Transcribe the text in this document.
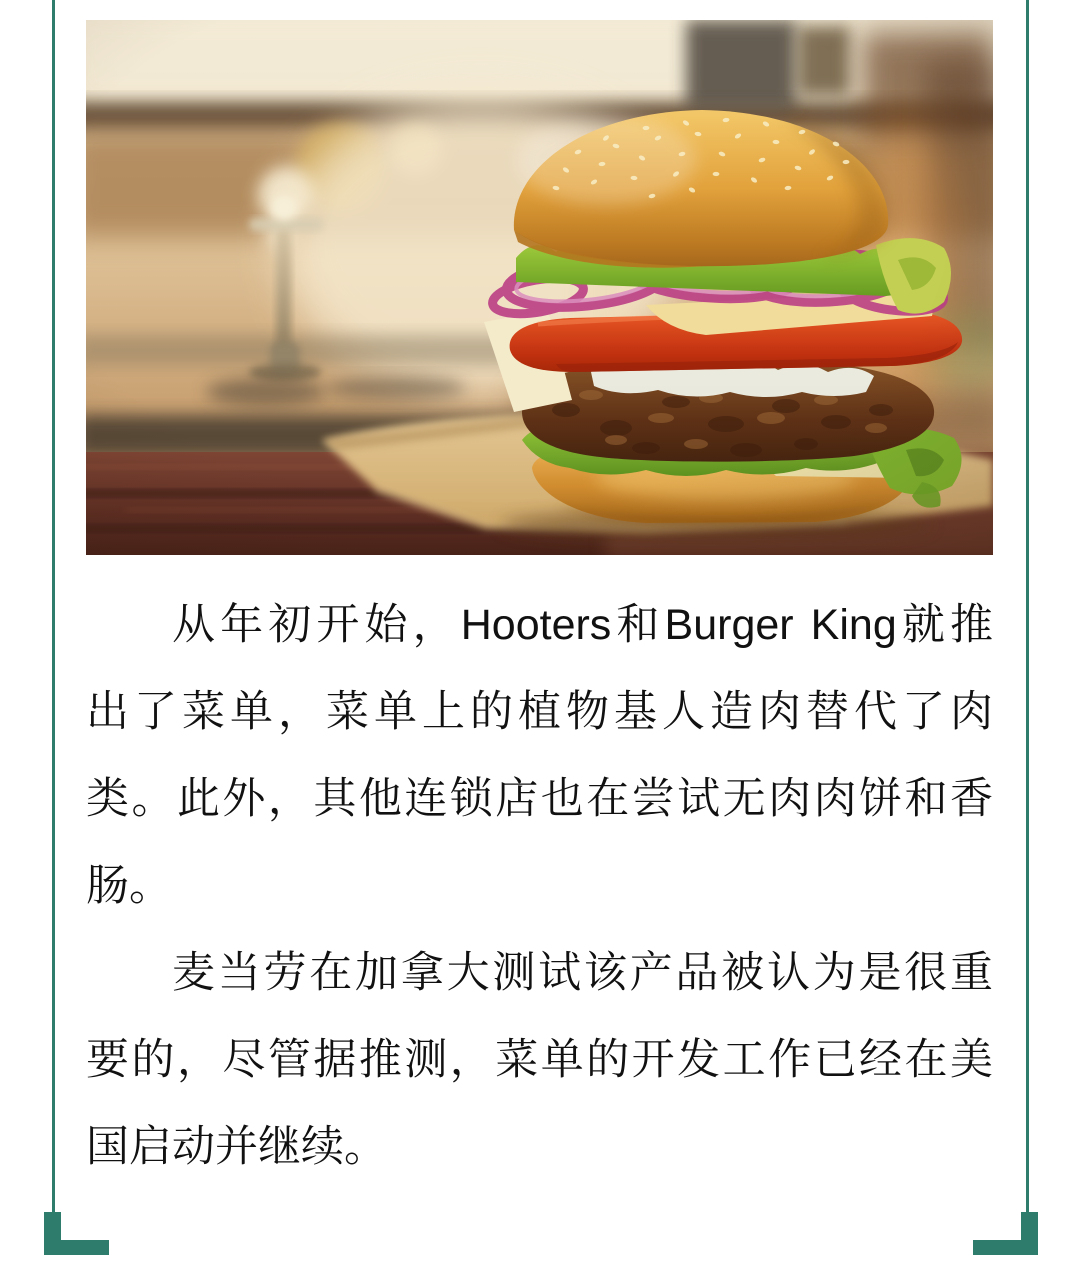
从年初开始，Hooters和Burger King就推
出了菜单，菜单上的植物基人造肉替代了肉
类。此外，其他连锁店也在尝试无肉肉饼和香
肠。
麦当劳在加拿大测试该产品被认为是很重
要的，尽管据推测，菜单的开发工作已经在美
国启动并继续。
